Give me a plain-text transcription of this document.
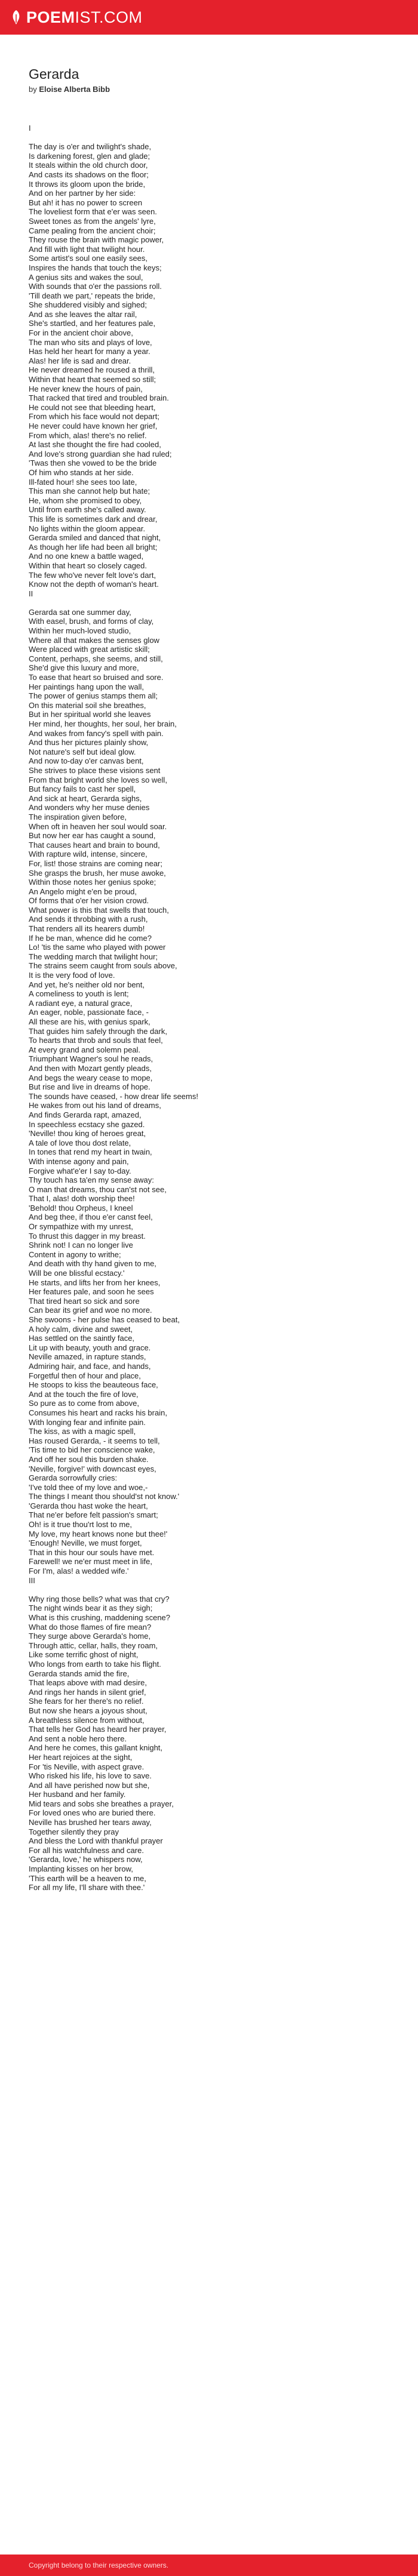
POEMIST.COM
Gerarda
by Eloise Alberta Bibb
I
The day is o'er and twilight's shade,
Is darkening forest, glen and glade;
It steals within the old church door,
And casts its shadows on the floor;
It throws its gloom upon the bride,
And on her partner by her side:
But ah! it has no power to screen
The loveliest form that e'er was seen.
Sweet tones as from the angels' lyre,
Came pealing from the ancient choir;
They rouse the brain with magic power,
And fill with light that twilight hour.
Some artist's soul one easily sees,
Inspires the hands that touch the keys;
A genius sits and wakes the soul,
With sounds that o'er the passions roll.
'Till death we part,' repeats the bride,
She shuddered visibly and sighed;
And as she leaves the altar rail,
She's startled, and her features pale,
For in the ancient choir above,
The man who sits and plays of love,
Has held her heart for many a year.
Alas! her life is sad and drear.
He never dreamed he roused a thrill,
Within that heart that seemed so still;
He never knew the hours of pain,
That racked that tired and troubled brain.
He could not see that bleeding heart,
From which his face would not depart;
He never could have known her grief,
From which, alas! there's no relief.
At last she thought the fire had cooled,
And love's strong guardian she had ruled;
'Twas then she vowed to be the bride
Of him who stands at her side.
Ill-fated hour! she sees too late,
This man she cannot help but hate;
He, whom she promised to obey,
Until from earth she's called away.
This life is sometimes dark and drear,
No lights within the gloom appear.
Gerarda smiled and danced that night,
As though her life had been all bright;
And no one knew a battle waged,
Within that heart so closely caged.
The few who've never felt love's dart,
Know not the depth of woman's heart.
II
Gerarda sat one summer day,
With easel, brush, and forms of clay,
Within her much-loved studio,
Where all that makes the senses glow
Were placed with great artistic skill;
Content, perhaps, she seems, and still,
She'd give this luxury and more,
To ease that heart so bruised and sore.
Her paintings hang upon the wall,
The power of genius stamps them all;
On this material soil she breathes,
But in her spiritual world she leaves
Her mind, her thoughts, her soul, her brain,
And wakes from fancy's spell with pain.
And thus her pictures plainly show,
Not nature's self but ideal glow.
And now to-day o'er canvas bent,
She strives to place these visions sent
From that bright world she loves so well,
But fancy fails to cast her spell,
And sick at heart, Gerarda sighs,
And wonders why her muse denies
The inspiration given before,
When oft in heaven her soul would soar.
But now her ear has caught a sound,
That causes heart and brain to bound,
With rapture wild, intense, sincere,
For, list! those strains are coming near;
She grasps the brush, her muse awoke,
Within those notes her genius spoke;
An Angelo might e'en be proud,
Of forms that o'er her vision crowd.
What power is this that swells that touch,
And sends it throbbing with a rush,
That renders all its hearers dumb!
If he be man, whence did he come?
Lo! 'tis the same who played with power
The wedding march that twilight hour;
The strains seem caught from souls above,
It is the very food of love.
And yet, he's neither old nor bent,
A comeliness to youth is lent;
A radiant eye, a natural grace,
An eager, noble, passionate face, -
All these are his, with genius spark,
That guides him safely through the dark,
To hearts that throb and souls that feel,
At every grand and solemn peal.
Triumphant Wagner's soul he reads,
And then with Mozart gently pleads,
And begs the weary cease to mope,
But rise and live in dreams of hope.
The sounds have ceased, - how drear life seems!
He wakes from out his land of dreams,
And finds Gerarda rapt, amazed,
In speechless ecstacy she gazed.
'Neville! thou king of heroes great,
A tale of love thou dost relate,
In tones that rend my heart in twain,
With intense agony and pain,
Forgive what'e'er I say to-day.
Thy touch has ta'en my sense away:
O man that dreams, thou can'st not see,
That I, alas! doth worship thee!
'Behold! thou Orpheus, I kneel
And beg thee, if thou e'er canst feel,
Or sympathize with my unrest,
To thrust this dagger in my breast.
Shrink not! I can no longer live
Content in agony to writhe;
And death with thy hand given to me,
Will be one blissful ecstacy.'
He starts, and lifts her from her knees,
Her features pale, and soon he sees
That tired heart so sick and sore
Can bear its grief and woe no more.
She swoons - her pulse has ceased to beat,
A holy calm, divine and sweet,
Has settled on the saintly face,
Lit up with beauty, youth and grace.
Neville amazed, in rapture stands,
Admiring hair, and face, and hands,
Forgetful then of hour and place,
He stoops to kiss the beauteous face,
And at the touch the fire of love,
So pure as to come from above,
Consumes his heart and racks his brain,
With longing fear and infinite pain.
The kiss, as with a magic spell,
Has roused Gerarda, - it seems to tell,
'Tis time to bid her conscience wake,
And off her soul this burden shake.
'Neville, forgive!' with downcast eyes,
Gerarda sorrowfully cries:
'I've told thee of my love and woe,-
The things I meant thou should'st not know.'
'Gerarda thou hast woke the heart,
That ne'er before felt passion's smart;
Oh! is it true thou'rt lost to me,
My love, my heart knows none but thee!'
'Enough! Neville, we must forget,
That in this hour our souls have met.
Farewell! we ne'er must meet in life,
For I'm, alas! a wedded wife.'
III
Why ring those bells? what was that cry?
The night winds bear it as they sigh;
What is this crushing, maddening scene?
What do those flames of fire mean?
They surge above Gerarda's home,
Through attic, cellar, halls, they roam,
Like some terrific ghost of night,
Who longs from earth to take his flight.
Gerarda stands amid the fire,
That leaps above with mad desire,
And rings her hands in silent grief,
She fears for her there's no relief.
But now she hears a joyous shout,
A breathless silence from without,
That tells her God has heard her prayer,
And sent a noble hero there.
And here he comes, this gallant knight,
Her heart rejoices at the sight,
For 'tis Neville, with aspect grave.
Who risked his life, his love to save.
And all have perished now but she,
Her husband and her family.
Mid tears and sobs she breathes a prayer,
For loved ones who are buried there.
Neville has brushed her tears away,
Together silently they pray
And bless the Lord with thankful prayer
For all his watchfulness and care.
'Gerarda, love,' he whispers now,
Implanting kisses on her brow,
'This earth will be a heaven to me,
For all my life, I'll share with thee.'
Copyright belong to their respective owners.
